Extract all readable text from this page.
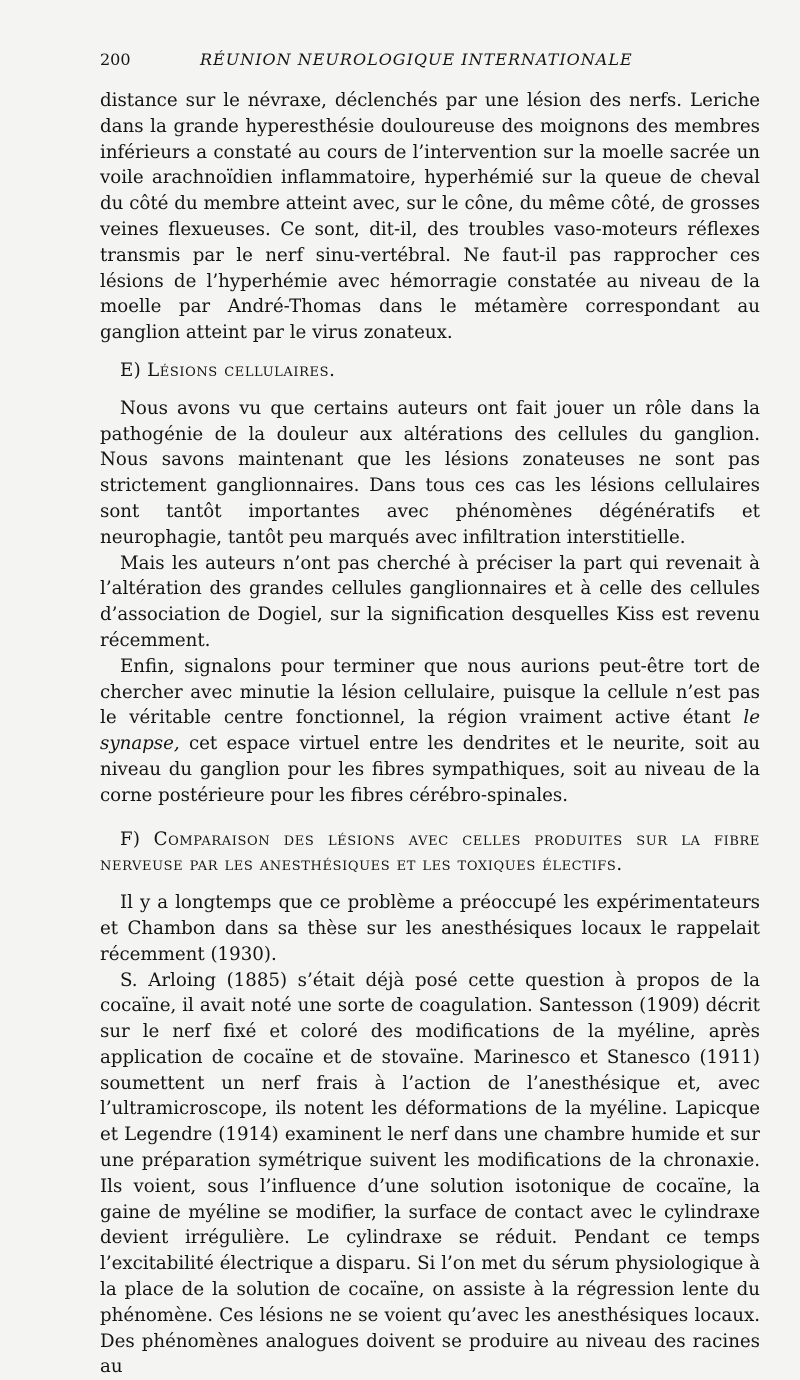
200	RÉUNION NEUROLOGIQUE INTERNATIONALE

distance sur le névraxe, déclenchés par une lésion des nerfs. Leriche dans la grande hyperesthésie douloureuse des moignons des membres inférieurs a constaté au cours de l’intervention sur la moelle sacrée un voile arachnoïdien inflammatoire, hyperhémié sur la queue de cheval du côté du membre atteint avec, sur le cône, du même côté, de grosses veines flexueuses. Ce sont, dit-il, des troubles vaso-moteurs réflexes transmis par le nerf sinu-vertébral. Ne faut-il pas rapprocher ces lésions de l’hyperhémie avec hémorragie constatée au niveau de la moelle par André-Thomas dans le métamère correspondant au ganglion atteint par le virus zonateux.

E) Lésions cellulaires.

Nous avons vu que certains auteurs ont fait jouer un rôle dans la pathogénie de la douleur aux altérations des cellules du ganglion. Nous savons maintenant que les lésions zonateuses ne sont pas strictement ganglionnaires. Dans tous ces cas les lésions cellulaires sont tantôt importantes avec phénomènes dégénératifs et neurophagie, tantôt peu marqués avec infiltration interstitielle.

Mais les auteurs n’ont pas cherché à préciser la part qui revenait à l’altération des grandes cellules ganglionnaires et à celle des cellules d’association de Dogiel, sur la signification desquelles Kiss est revenu récemment.

Enfin, signalons pour terminer que nous aurions peut-être tort de chercher avec minutie la lésion cellulaire, puisque la cellule n’est pas le véritable centre fonctionnel, la région vraiment active étant le synapse, cet espace virtuel entre les dendrites et le neurite, soit au niveau du ganglion pour les fibres sympathiques, soit au niveau de la corne postérieure pour les fibres cérébro-spinales.

F) Comparaison des lésions avec celles produites sur la fibre nerveuse par les anesthésiques et les toxiques électifs.

Il y a longtemps que ce problème a préoccupé les expérimentateurs et Chambon dans sa thèse sur les anesthésiques locaux le rappelait récemment (1930).

S. Arloing (1885) s’était déjà posé cette question à propos de la cocaïne, il avait noté une sorte de coagulation. Santesson (1909) décrit sur le nerf fixé et coloré des modifications de la myéline, après application de cocaïne et de stovaïne. Marinesco et Stanesco (1911) soumettent un nerf frais à l’action de l’anesthésique et, avec l’ultramicroscope, ils notent les déformations de la myéline. Lapicque et Legendre (1914) examinent le nerf dans une chambre humide et sur une préparation symétrique suivent les modifications de la chronaxie. Ils voient, sous l’influence d’une solution isotonique de cocaïne, la gaine de myéline se modifier, la surface de contact avec le cylindraxe devient irrégulière. Le cylindraxe se réduit. Pendant ce temps l’excitabilité électrique a disparu. Si l’on met du sérum physiologique à la place de la solution de cocaïne, on assiste à la régression lente du phénomène. Ces lésions ne se voient qu’avec les anesthésiques locaux. Des phénomènes analogues doivent se produire au niveau des racines au
